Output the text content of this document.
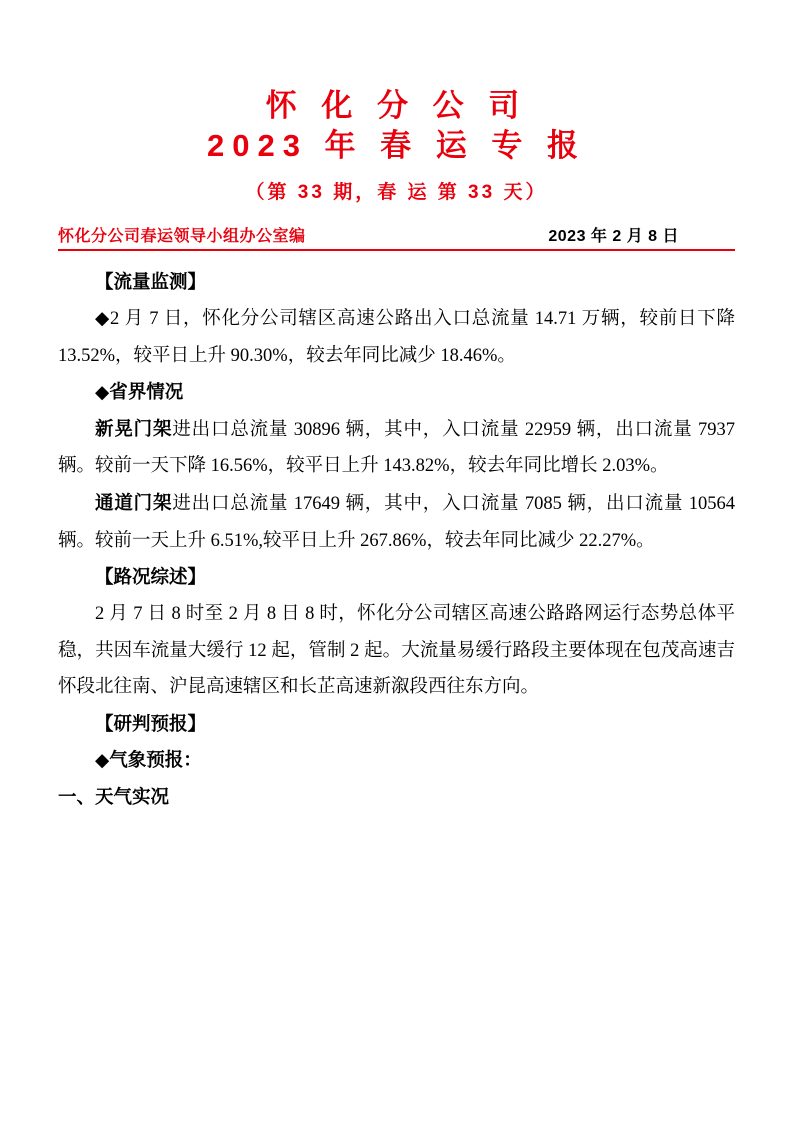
怀 化 分 公 司
2023 年 春 运 专 报
（第 33 期，春 运 第 33 天）
怀化分公司春运领导小组办公室编	2023 年 2 月 8 日

【流量监测】

◆2 月 7 日，怀化分公司辖区高速公路出入口总流量 14.71 万辆，较前日下降 13.52%，较平日上升 90.30%，较去年同比减少 18.46%。

◆省界情况

新晃门架进出口总流量 30896 辆，其中，入口流量 22959 辆，出口流量 7937 辆。较前一天下降 16.56%，较平日上升 143.82%，较去年同比增长 2.03%。

通道门架进出口总流量 17649 辆，其中，入口流量 7085 辆，出口流量 10564 辆。较前一天上升 6.51%,较平日上升 267.86%，较去年同比减少 22.27%。

【路况综述】

2 月 7 日 8 时至 2 月 8 日 8 时，怀化分公司辖区高速公路路网运行态势总体平稳，共因车流量大缓行 12 起，管制 2 起。大流量易缓行路段主要体现在包茂高速吉怀段北往南、沪昆高速辖区和长芷高速新溆段西往东方向。

【研判预报】

◆气象预报：

一、天气实况
